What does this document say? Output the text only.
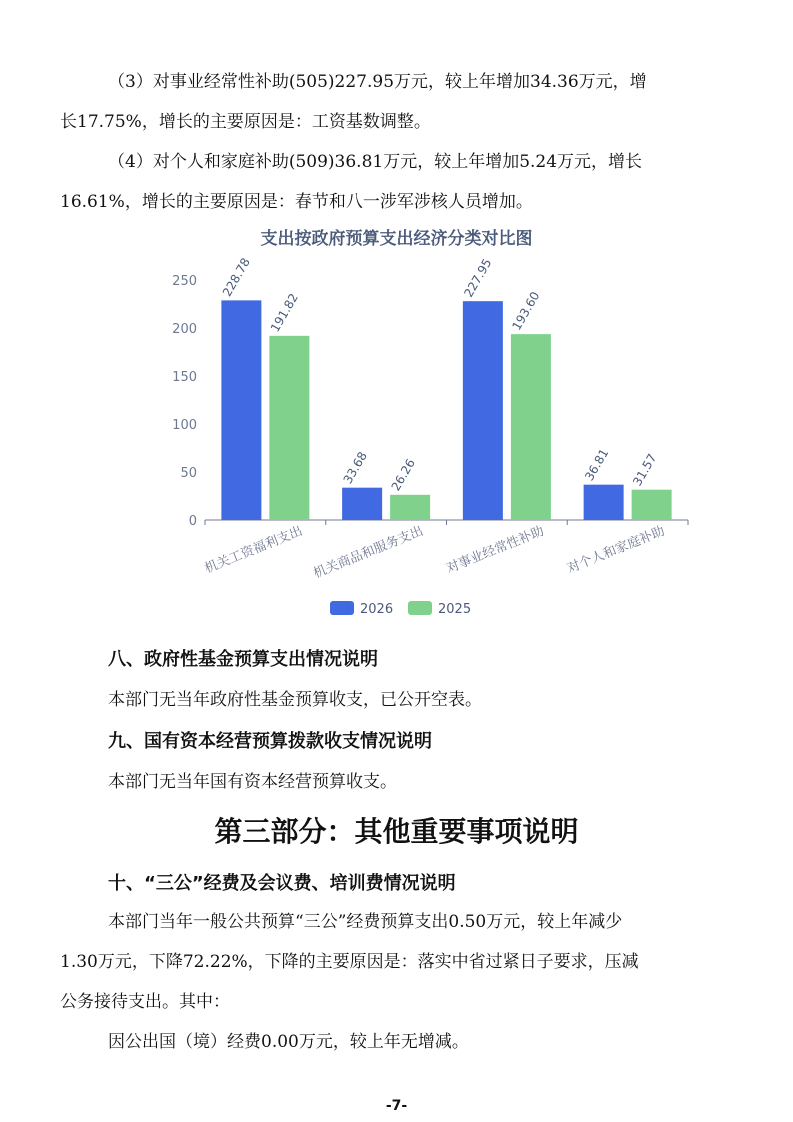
（3）对事业经常性补助(505)227.95万元，较上年增加34.36万元，增
长17.75%，增长的主要原因是：工资基数调整。
（4）对个人和家庭补助(509)36.81万元，较上年增加5.24万元，增长
16.61%，增长的主要原因是：春节和八一涉军涉核人员增加。
支出按政府预算支出经济分类对比图
0
50
100
150
200
250 228.78
191.82
机关工资福利支出
33.68 26.26
机关商品和服务支出
227.95
193.60
对事业经常性补助
36.81 31.57
对个人和家庭补助
2026	2025
八、政府性基金预算支出情况说明
本部门无当年政府性基金预算收支，已公开空表。
九、国有资本经营预算拨款收支情况说明
本部门无当年国有资本经营预算收支。
第三部分：其他重要事项说明
十、“三公”经费及会议费、培训费情况说明
本部门当年一般公共预算“三公”经费预算支出0.50万元，较上年减少
1.30万元，下降72.22%，下降的主要原因是：落实中省过紧日子要求，压减
公务接待支出。其中：
因公出国（境）经费0.00万元，较上年无增减。
-7-
